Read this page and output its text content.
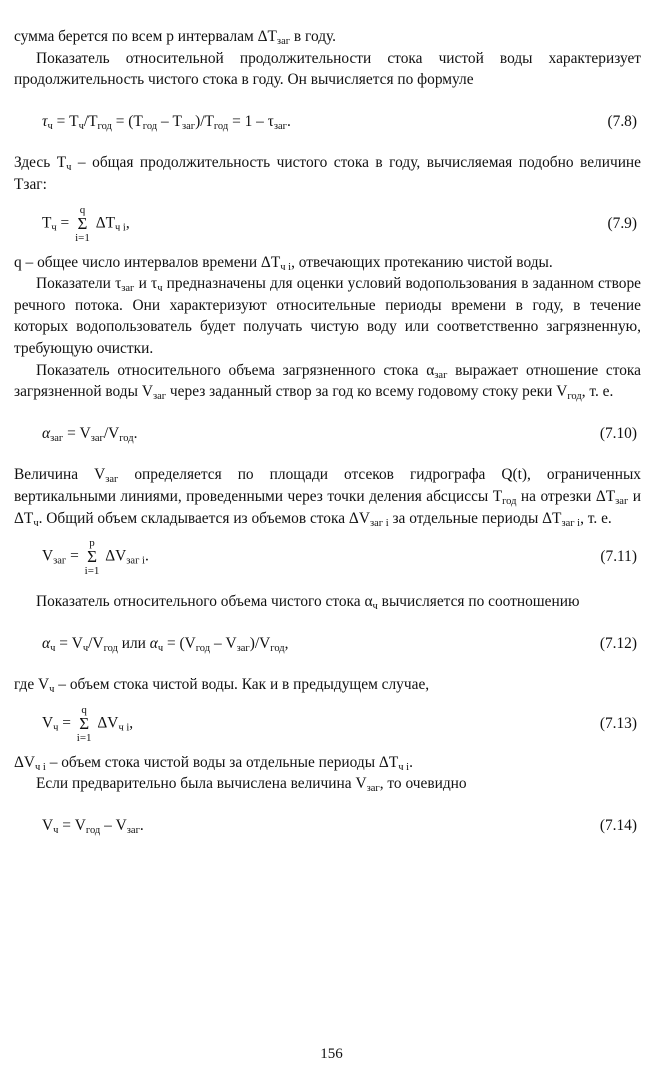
сумма берется по всем р интервалам $\Delta T_{заг}$ в году.

Показатель относительной продолжительности стока чистой воды характеризует продолжительность чистого стока в году. Он вычисляется по формуле

$\tau_ч = T_ч/T_{год} = (T_{год} - T_{заг})/T_{год} = 1 - \tau_{заг}$.	(7.8)

Здесь $T_ч$ – общая продолжительность чистого стока в году, вычисляемая подобно величине Tзаг:

$T_ч$ =
q
Σ
i=1
$\Delta T_{ч i}$,	(7.9)

q – общее число интервалов времени $\Delta T_{ч i}$, отвечающих протеканию чистой воды.

Показатели $\tau_{заг}$ и $\tau_ч$ предназначены для оценки условий водопользования в заданном створе речного потока. Они характеризуют относительные периоды времени в году, в течение которых водопользователь будет получать чистую воду или соответственно загрязненную, требующую очистки.

Показатель относительного объема загрязненного стока $\alpha_{заг}$ выражает отношение стока загрязненной воды $V_{заг}$ через заданный створ за год ко всему годовому стоку реки $V_{год}$, т. е.

$\alpha_{заг} = V_{заг}/V_{год}$.	(7.10)

Величина $V_{заг}$ определяется по площади отсеков гидрографа Q(t), ограниченных вертикальными линиями, проведенными через точки деления абсциссы $T_{год}$ на отрезки $\Delta T_{заг}$ и $\Delta T_ч$. Общий объем складывается из объемов стока $\Delta V_{заг i}$ за отдельные периоды $\Delta T_{заг i}$, т. е.

$V_{заг}$ =
p
Σ
i=1
$\Delta V_{заг i}$.	(7.11)

Показатель относительного объема чистого стока $\alpha_ч$ вычисляется по соотношению

$\alpha_ч = V_ч/V_{год}$ или $\alpha_ч = (V_{год} - V_{заг})/V_{год}$,	(7.12)

где $V_ч$ – объем стока чистой воды. Как и в предыдущем случае,

$V_ч$ =
q
Σ
i=1
$\Delta V_{ч i}$,	(7.13)

$\Delta V_{ч i}$ – объем стока чистой воды за отдельные периоды $\Delta T_{ч i}$.

Если предварительно была вычислена величина $V_{заг}$, то очевидно

$V_ч = V_{год} - V_{заг}$.	(7.14)
156
